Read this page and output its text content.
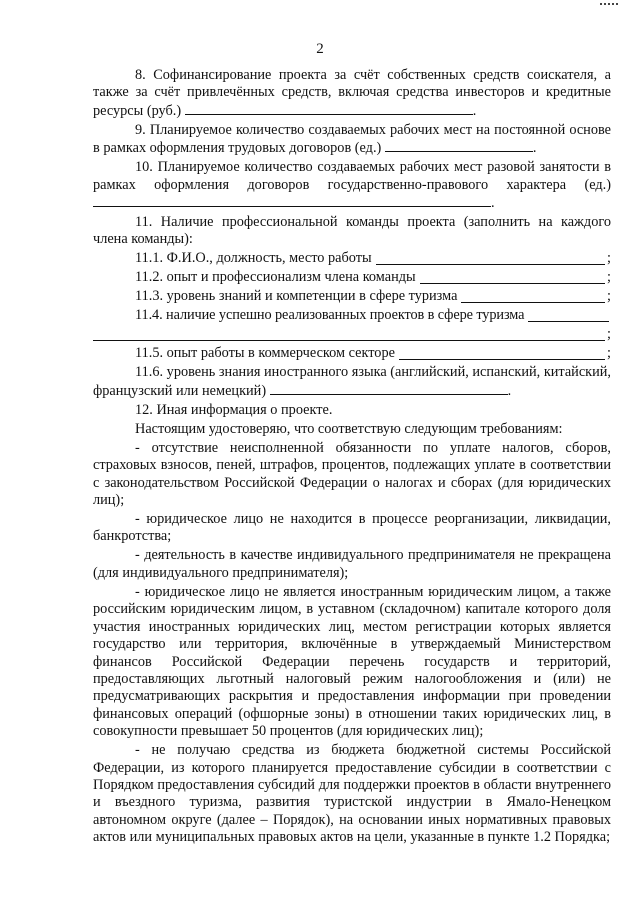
2

8. Софинансирование проекта за счёт собственных средств соискателя, а также за счёт привлечённых средств, включая средства инвесторов и кредитные ресурсы (руб.)	.

9. Планируемое количество создаваемых рабочих мест на постоянной основе в рамках оформления трудовых договоров (ед.)	.

10. Планируемое количество создаваемых рабочих мест разовой занятости в рамках оформления договоров государственно-правового характера (ед.) .

11. Наличие профессиональной команды проекта (заполнить на каждого члена команды):

11.1. Ф.И.О., должность, место работы	;
11.2. опыт и профессионализм члена команды	;
11.3. уровень знаний и компетенции в сфере туризма	;
11.4. наличие успешно реализованных проектов в сфере туризма
;
11.5. опыт работы в коммерческом секторе	;

11.6. уровень знания иностранного языка (английский, испанский, китайский, французский или немецкий)	.

12. Иная информация о проекте.

Настоящим удостоверяю, что соответствую следующим требованиям:

- отсутствие неисполненной обязанности по уплате налогов, сборов, страховых взносов, пеней, штрафов, процентов, подлежащих уплате в соответствии с законодательством Российской Федерации о налогах и сборах (для юридических лиц);

- юридическое лицо не находится в процессе реорганизации, ликвидации, банкротства;

- деятельность в качестве индивидуального предпринимателя не прекращена (для индивидуального предпринимателя);

- юридическое лицо не является иностранным юридическим лицом, а также российским юридическим лицом, в уставном (складочном) капитале которого доля участия иностранных юридических лиц, местом регистрации которых является государство или территория, включённые в утверждаемый Министерством финансов Российской Федерации перечень государств и территорий, предоставляющих льготный налоговый режим налогообложения и (или) не предусматривающих раскрытия и предоставления информации при проведении финансовых операций (офшорные зоны) в отношении таких юридических лиц, в совокупности превышает 50 процентов (для юридических лиц);

- не получаю средства из бюджета бюджетной системы Российской Федерации, из которого планируется предоставление субсидии в соответствии с Порядком предоставления субсидий для поддержки проектов в области внутреннего и въездного туризма, развития туристской индустрии в Ямало-Ненецком автономном округе (далее – Порядок), на основании иных нормативных правовых актов или муниципальных правовых актов на цели, указанные в пункте 1.2 Порядка;
